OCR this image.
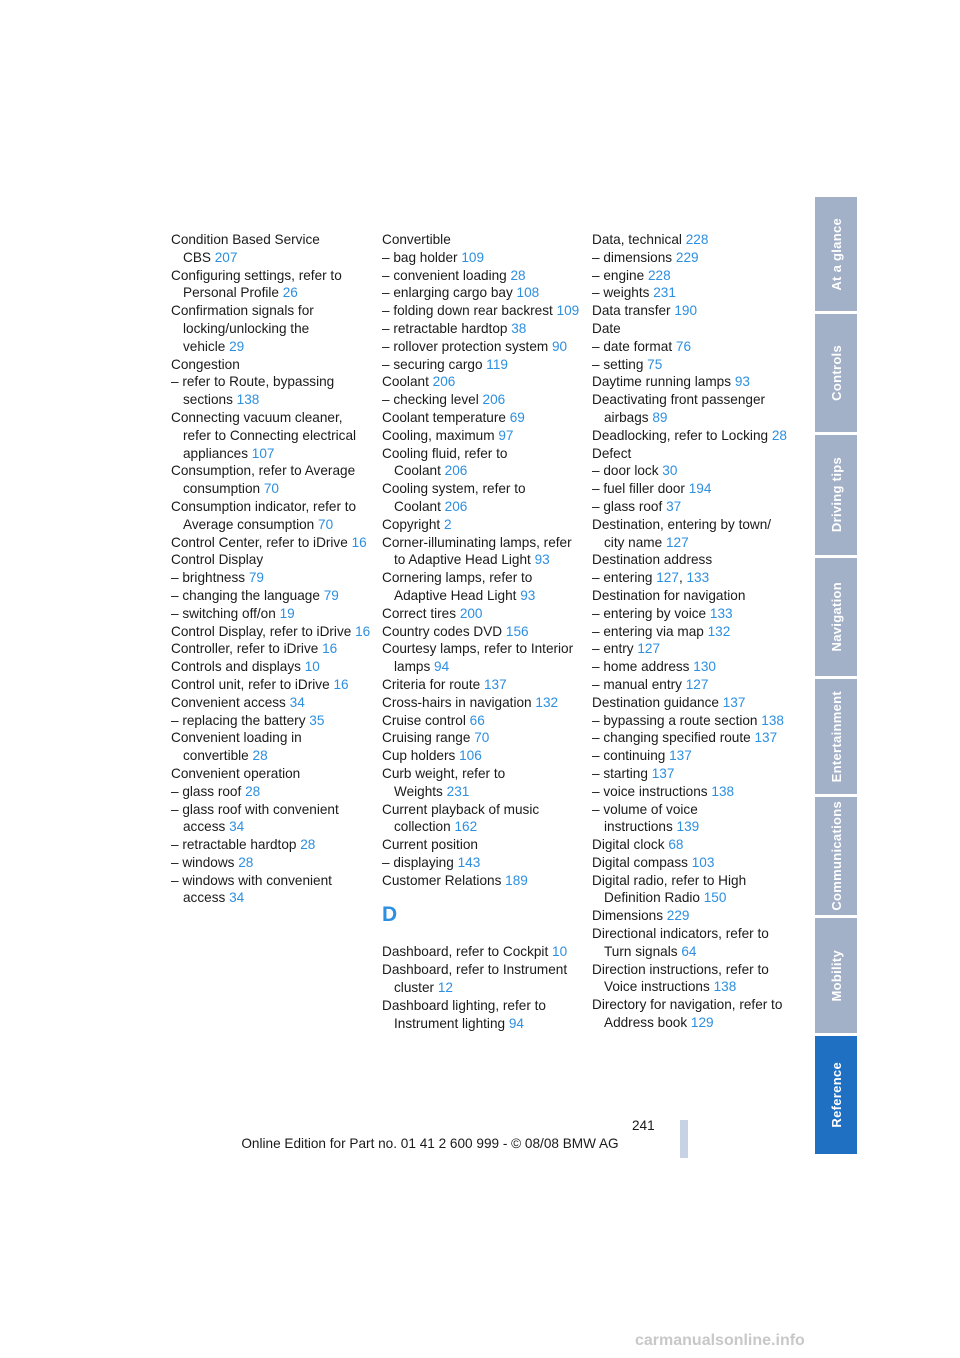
Condition Based Service CBS 207

Configuring settings, refer to Personal Profile 26

Confirmation signals for locking/unlocking the vehicle 29

Congestion

– refer to Route, bypassing sections 138

Connecting vacuum cleaner, refer to Connecting electrical appliances 107

Consumption, refer to Average consumption 70

Consumption indicator, refer to Average consumption 70

Control Center, refer to iDrive 16

Control Display

– brightness 79

– changing the language 79

– switching off/on 19

Control Display, refer to iDrive 16

Controller, refer to iDrive 16

Controls and displays 10

Control unit, refer to iDrive 16

Convenient access 34

– replacing the battery 35

Convenient loading in convertible 28

Convenient operation

– glass roof 28

– glass roof with convenient access 34

– retractable hardtop 28

– windows 28

– windows with convenient access 34

Convertible

– bag holder 109

– convenient loading 28

– enlarging cargo bay 108

– folding down rear backrest 109

– retractable hardtop 38

– rollover protection system 90

– securing cargo 119

Coolant 206

– checking level 206

Coolant temperature 69

Cooling, maximum 97

Cooling fluid, refer to Coolant 206

Cooling system, refer to Coolant 206

Copyright 2

Corner-illuminating lamps, refer to Adaptive Head Light 93

Cornering lamps, refer to Adaptive Head Light 93

Correct tires 200

Country codes DVD 156

Courtesy lamps, refer to Interior lamps 94

Criteria for route 137

Cross-hairs in navigation 132

Cruise control 66

Cruising range 70

Cup holders 106

Curb weight, refer to Weights 231

Current playback of music collection 162

Current position

– displaying 143

Customer Relations 189

D

Dashboard, refer to Cockpit 10

Dashboard, refer to Instrument cluster 12

Dashboard lighting, refer to Instrument lighting 94

Data, technical 228

– dimensions 229

– engine 228

– weights 231

Data transfer 190

Date

– date format 76

– setting 75

Daytime running lamps 93

Deactivating front passenger airbags 89

Deadlocking, refer to Locking 28

Defect

– door lock 30

– fuel filler door 194

– glass roof 37

Destination, entering by town/ city name 127

Destination address

– entering 127, 133

Destination for navigation

– entering by voice 133

– entering via map 132

– entry 127

– home address 130

– manual entry 127

Destination guidance 137

– bypassing a route section 138

– changing specified route 137

– continuing 137

– starting 137

– voice instructions 138

– volume of voice instructions 139

Digital clock 68

Digital compass 103

Digital radio, refer to High Definition Radio 150

Dimensions 229

Directional indicators, refer to Turn signals 64

Direction instructions, refer to Voice instructions 138

Directory for navigation, refer to Address book 129

At a glance
Controls
Driving tips
Navigation
Entertainment
Communications
Mobility
Reference
241
Online Edition for Part no. 01 41 2 600 999 - © 08/08 BMW AG
carmanualsonline.info
